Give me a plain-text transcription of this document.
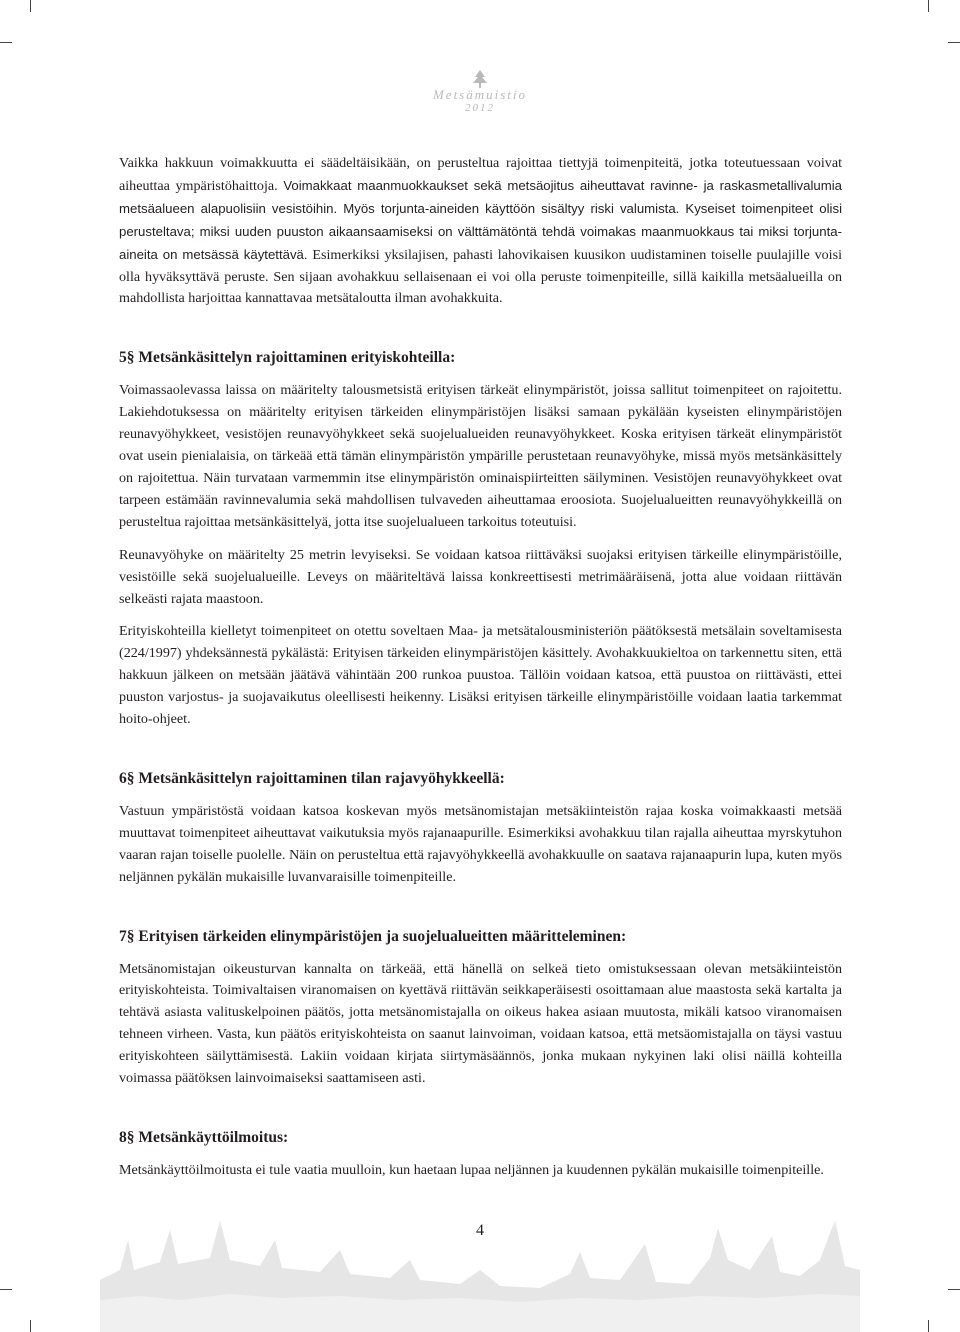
Metsämuistio
2012

Vaikka hakkuun voimakkuutta ei säädeltäisikään, on perusteltua rajoittaa tiettyjä toimenpiteitä, jotka toteutuessaan voivat aiheuttaa ympäristöhaittoja. Voimakkaat maanmuokkaukset sekä metsäojitus aiheuttavat ravinne- ja raskasmetallivalumia metsäalueen alapuolisiin vesistöihin. Myös torjunta-aineiden käyttöön sisältyy riski valumista. Kyseiset toimenpiteet olisi perusteltava; miksi uuden puuston aikaansaamiseksi on välttämätöntä tehdä voimakas maanmuokkaus tai miksi torjunta-aineita on metsässä käytettävä. Esimerkiksi yksilajisen, pahasti lahovikaisen kuusikon uudistaminen toiselle puulajille voisi olla hyväksyttävä peruste. Sen sijaan avohakkuu sellaisenaan ei voi olla peruste toimenpiteille, sillä kaikilla metsäalueilla on mahdollista harjoittaa kannattavaa metsätaloutta ilman avohakkuita.

5§ Metsänkäsittelyn rajoittaminen erityiskohteilla:

Voimassaolevassa laissa on määritelty talousmetsistä erityisen tärkeät elinympäristöt, joissa sallitut toimenpiteet on rajoitettu. Lakiehdotuksessa on määritelty erityisen tärkeiden elinympäristöjen lisäksi samaan pykälään kyseisten elinympäristöjen reunavyöhykkeet, vesistöjen reunavyöhykkeet sekä suojelualueiden reunavyöhykkeet. Koska erityisen tärkeät elinympäristöt ovat usein pienialaisia, on tärkeää että tämän elinympäristön ympärille perustetaan reunavyöhyke, missä myös metsänkäsittely on rajoitettua. Näin turvataan varmemmin itse elinympäristön ominaispiirteitten säilyminen. Vesistöjen reunavyöhykkeet ovat tarpeen estämään ravinnevalumia sekä mahdollisen tulvaveden aiheuttamaa eroosiota. Suojelualueitten reunavyöhykkeillä on perusteltua rajoittaa metsänkäsittelyä, jotta itse suojelualueen tarkoitus toteutuisi.

Reunavyöhyke on määritelty 25 metrin levyiseksi. Se voidaan katsoa riittäväksi suojaksi erityisen tärkeille elinympäristöille, vesistöille sekä suojelualueille. Leveys on määriteltävä laissa konkreettisesti metrimääräisenä, jotta alue voidaan riittävän selkeästi rajata maastoon.

Erityiskohteilla kielletyt toimenpiteet on otettu soveltaen Maa- ja metsätalousministeriön päätöksestä metsälain soveltamisesta (224/1997) yhdeksännestä pykälästä: Erityisen tärkeiden elinympäristöjen käsittely. Avohakkuukieltoa on tarkennettu siten, että hakkuun jälkeen on metsään jäätävä vähintään 200 runkoa puustoa. Tällöin voidaan katsoa, että puustoa on riittävästi, ettei puuston varjostus- ja suojavaikutus oleellisesti heikenny. Lisäksi erityisen tärkeille elinympäristöille voidaan laatia tarkemmat hoito-ohjeet.

6§ Metsänkäsittelyn rajoittaminen tilan rajavyöhykkeellä:

Vastuun ympäristöstä voidaan katsoa koskevan myös metsänomistajan metsäkiinteistön rajaa koska voimakkaasti metsää muuttavat toimenpiteet aiheuttavat vaikutuksia myös rajanaapurille. Esimerkiksi avohakkuu tilan rajalla aiheuttaa myrskytuhon vaaran rajan toiselle puolelle. Näin on perusteltua että rajavyöhykkeellä avohakkuulle on saatava rajanaapurin lupa, kuten myös neljännen pykälän mukaisille luvanvaraisille toimenpiteille.

7§ Erityisen tärkeiden elinympäristöjen ja suojelualueitten määritteleminen:

Metsänomistajan oikeusturvan kannalta on tärkeää, että hänellä on selkeä tieto omistuksessaan olevan metsäkiinteistön erityiskohteista. Toimivaltaisen viranomaisen on kyettävä riittävän seikkaperäisesti osoittamaan alue maastosta sekä kartalta ja tehtävä asiasta valituskelpoinen päätös, jotta metsänomistajalla on oikeus hakea asiaan muutosta, mikäli katsoo viranomaisen tehneen virheen. Vasta, kun päätös erityiskohteista on saanut lainvoiman, voidaan katsoa, että metsäomistajalla on täysi vastuu erityiskohteen säilyttämisestä. Lakiin voidaan kirjata siirtymäsäännös, jonka mukaan nykyinen laki olisi näillä kohteilla voimassa päätöksen lainvoimaiseksi saattamiseen asti.

8§ Metsänkäyttöilmoitus:

Metsänkäyttöilmoitusta ei tule vaatia muulloin, kun haetaan lupaa neljännen ja kuudennen pykälän mukaisille toimenpiteille.

4
